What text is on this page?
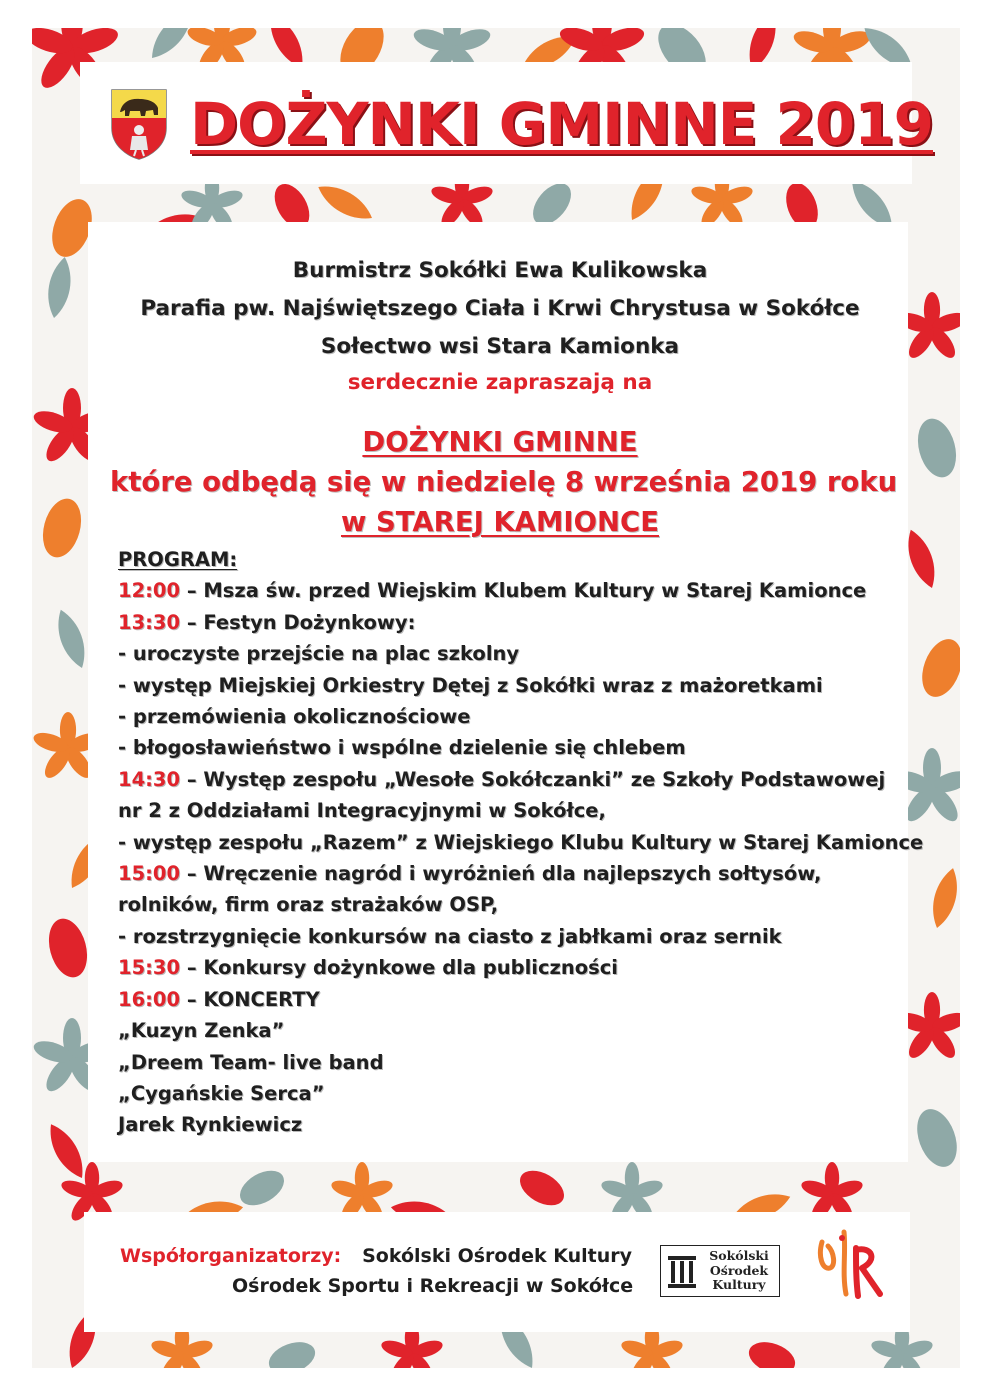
DOŻYNKI GMINNE 2019
Burmistrz Sokółki Ewa Kulikowska
Parafia pw. Najświętszego Ciała i Krwi Chrystusa w Sokółce
Sołectwo wsi Stara Kamionka
serdecznie zapraszają na
DOŻYNKI GMINNE
które odbędą się w niedzielę 8 września 2019 roku
w STAREJ KAMIONCE
PROGRAM:
12:00 – Msza św. przed Wiejskim Klubem Kultury w Starej Kamionce
13:30 – Festyn Dożynkowy:
- uroczyste przejście na plac szkolny
- występ Miejskiej Orkiestry Dętej z Sokółki wraz z mażoretkami
- przemówienia okolicznościowe
- błogosławieństwo i wspólne dzielenie się chlebem
14:30 – Występ zespołu „Wesołe Sokółczanki” ze Szkoły Podstawowej
nr 2 z Oddziałami Integracyjnymi w Sokółce,
- występ zespołu „Razem” z Wiejskiego Klubu Kultury w Starej Kamionce
15:00 – Wręczenie nagród i wyróżnień dla najlepszych sołtysów,
rolników, firm oraz strażaków OSP,
- rozstrzygnięcie konkursów na ciasto z jabłkami oraz sernik
15:30 – Konkursy dożynkowe dla publiczności
16:00 – KONCERTY
„Kuzyn Zenka”
„Dreem Team- live band
„Cygańskie Serca”
Jarek Rynkiewicz
Współorganizatorzy:	Sokólski Ośrodek Kultury
Ośrodek Sportu i Rekreacji w Sokółce
Sokólski
Ośrodek
Kultury
